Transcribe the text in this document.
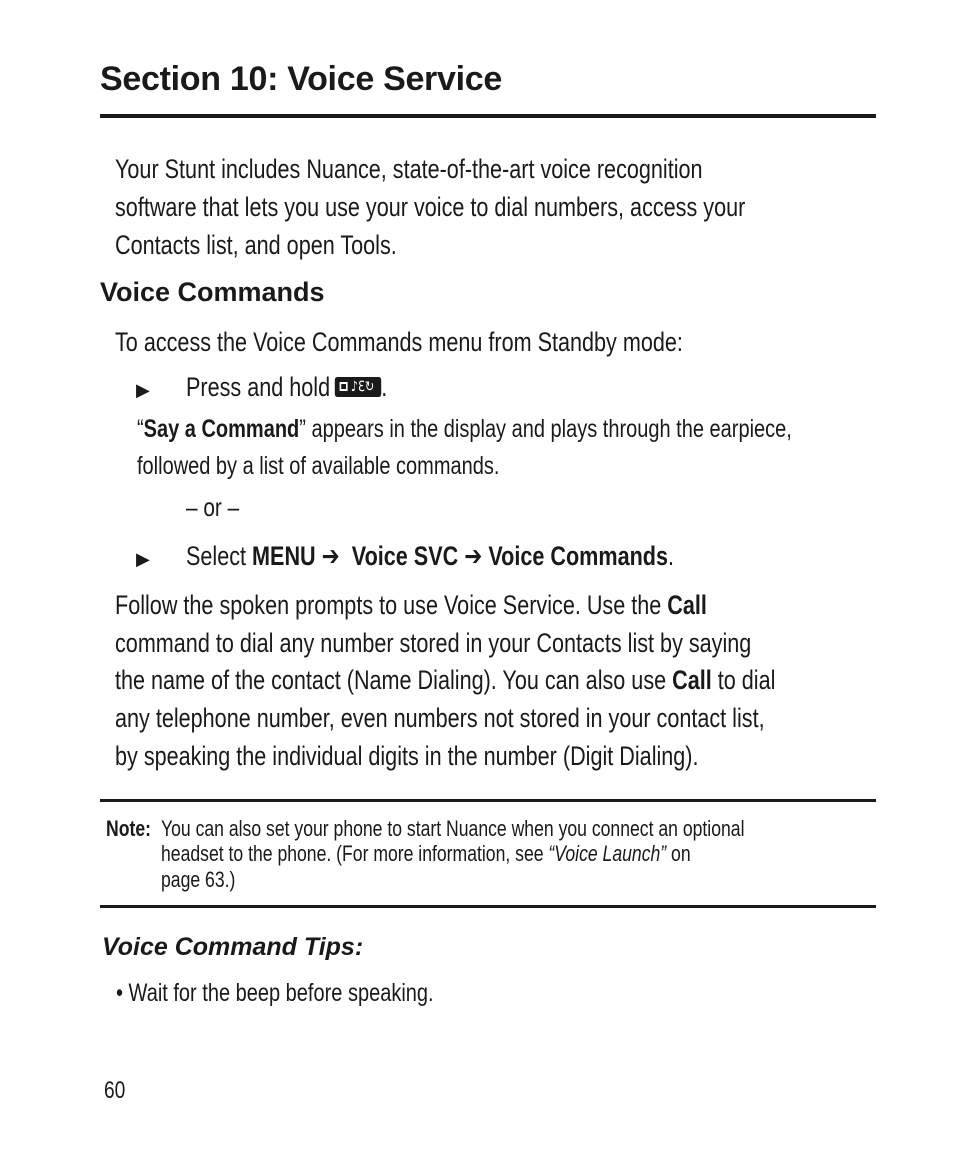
Section 10: Voice Service
Your Stunt includes Nuance, state-of-the-art voice recognition
software that lets you use your voice to dial numbers, access your
Contacts list, and open Tools.
Voice Commands
To access the Voice Commands menu from Standby mode:
▶ Press and hold ♪ℇ↻ .
“Say a Command” appears in the display and plays through the earpiece,
followed by a list of available commands.
– or –
▶ Select MENU ➔ Voice SVC ➔ Voice Commands.
Follow the spoken prompts to use Voice Service. Use the Call
command to dial any number stored in your Contacts list by saying
the name of the contact (Name Dialing). You can also use Call to dial
any telephone number, even numbers not stored in your contact list,
by speaking the individual digits in the number (Digit Dialing).
Note: You can also set your phone to start Nuance when you connect an optional
headset to the phone. (For more information, see “Voice Launch” on
page 63.)
Voice Command Tips:
• Wait for the beep before speaking.
60
